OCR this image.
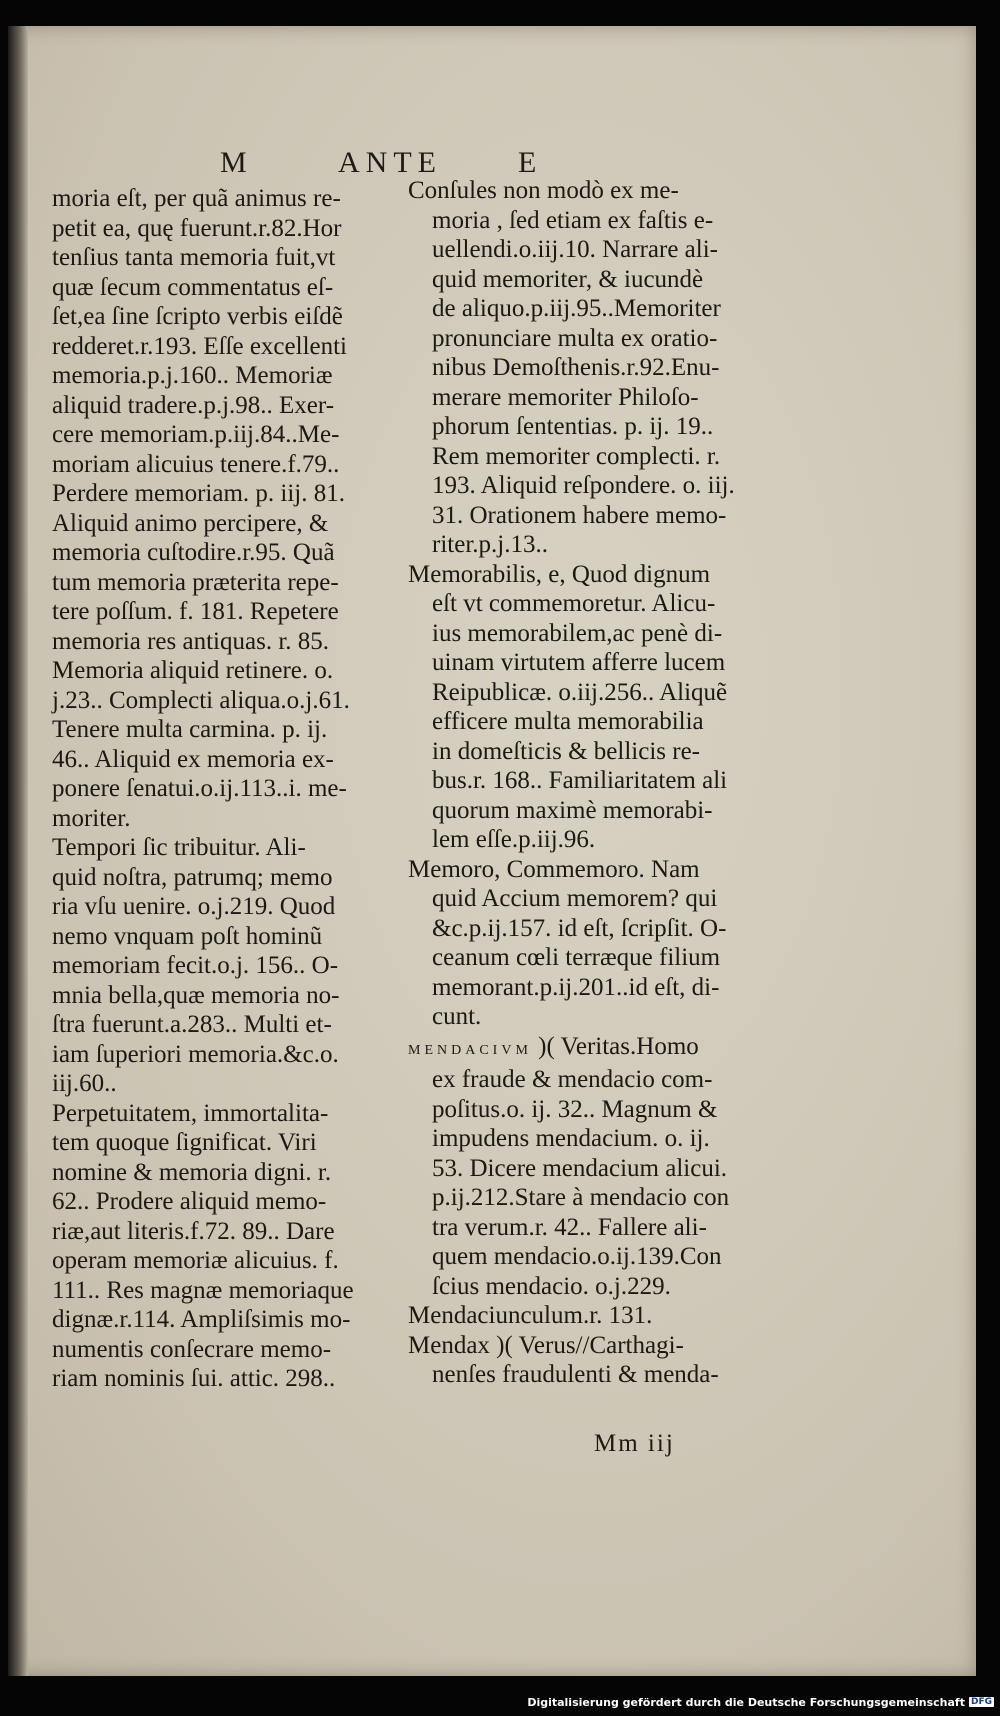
M	ANTE	E
moria eſt, per quã animus re-
petit ea, quę fuerunt.r.82.Hor
tenſius tanta memoria fuit,vt
quæ ſecum commentatus eſ-
ſet,ea ſine ſcripto verbis eiſdẽ
redderet.r.193. Eſſe excellenti
memoria.p.j.160.. Memoriæ
aliquid tradere.p.j.98.. Exer-
cere memoriam.p.iij.84..Me-
moriam alicuius tenere.f.79..
Perdere memoriam. p. iij. 81.
Aliquid animo percipere, &
memoria cuſtodire.r.95. Quã
tum memoria præterita repe-
tere poſſum. f. 181. Repetere
memoria res antiquas. r. 85.
Memoria aliquid retinere. o.
j.23.. Complecti aliqua.o.j.61.
Tenere multa carmina. p. ij.
46.. Aliquid ex memoria ex-
ponere ſenatui.o.ij.113..i. me-
moriter.
Tempori ſic tribuitur. Ali-
quid noſtra, patrumq; memo
ria vſu uenire. o.j.219. Quod
nemo vnquam poſt hominũ
memoriam fecit.o.j. 156.. O-
mnia bella,quæ memoria no-
ſtra fuerunt.a.283.. Multi et-
iam ſuperiori memoria.&c.o.
iij.60..
Perpetuitatem, immortalita-
tem quoque ſignificat. Viri
nomine & memoria digni. r.
62.. Prodere aliquid memo-
riæ,aut literis.f.72. 89.. Dare
operam memoriæ alicuius. f.
111.. Res magnæ memoriaque
dignæ.r.114. Ampliſsimis mo-
numentis conſecrare memo-
riam nominis ſui. attic. 298..
Conſules non modò ex me-
moria , ſed etiam ex faſtis e-
uellendi.o.iij.10. Narrare ali-
quid memoriter, & iucundè
de aliquo.p.iij.95..Memoriter
pronunciare multa ex oratio-
nibus Demoſthenis.r.92.Enu-
merare memoriter Philoſo-
phorum ſententias. p. ij. 19..
Rem memoriter complecti. r.
193. Aliquid reſpondere. o. iij.
31. Orationem habere memo-
riter.p.j.13..
Memorabilis, e, Quod dignum
eſt vt commemoretur. Alicu-
ius memorabilem,ac penè di-
uinam virtutem afferre lucem
Reipublicæ. o.iij.256.. Aliquẽ
efficere multa memorabilia
in domeſticis & bellicis re-
bus.r. 168.. Familiaritatem ali
quorum maximè memorabi-
lem eſſe.p.iij.96.
Memoro, Commemoro. Nam
quid Accium memorem? qui
&c.p.ij.157. id eſt, ſcripſit. O-
ceanum cœli terræque filium
memorant.p.ij.201..id eſt, di-
cunt.
MENDACIVM )( Veritas.Homo
ex fraude & mendacio com-
poſitus.o. ij. 32.. Magnum &
impudens mendacium. o. ij.
53. Dicere mendacium alicui.
p.ij.212.Stare à mendacio con
tra verum.r. 42.. Fallere ali-
quem mendacio.o.ij.139.Con
ſcius mendacio. o.j.229.
Mendaciunculum.r. 131.
Mendax )( Verus//Carthagi-
nenſes fraudulenti & menda-
Mm iij
Digitalisierung gefördert durch die Deutsche Forschungsgemeinschaft DFG
